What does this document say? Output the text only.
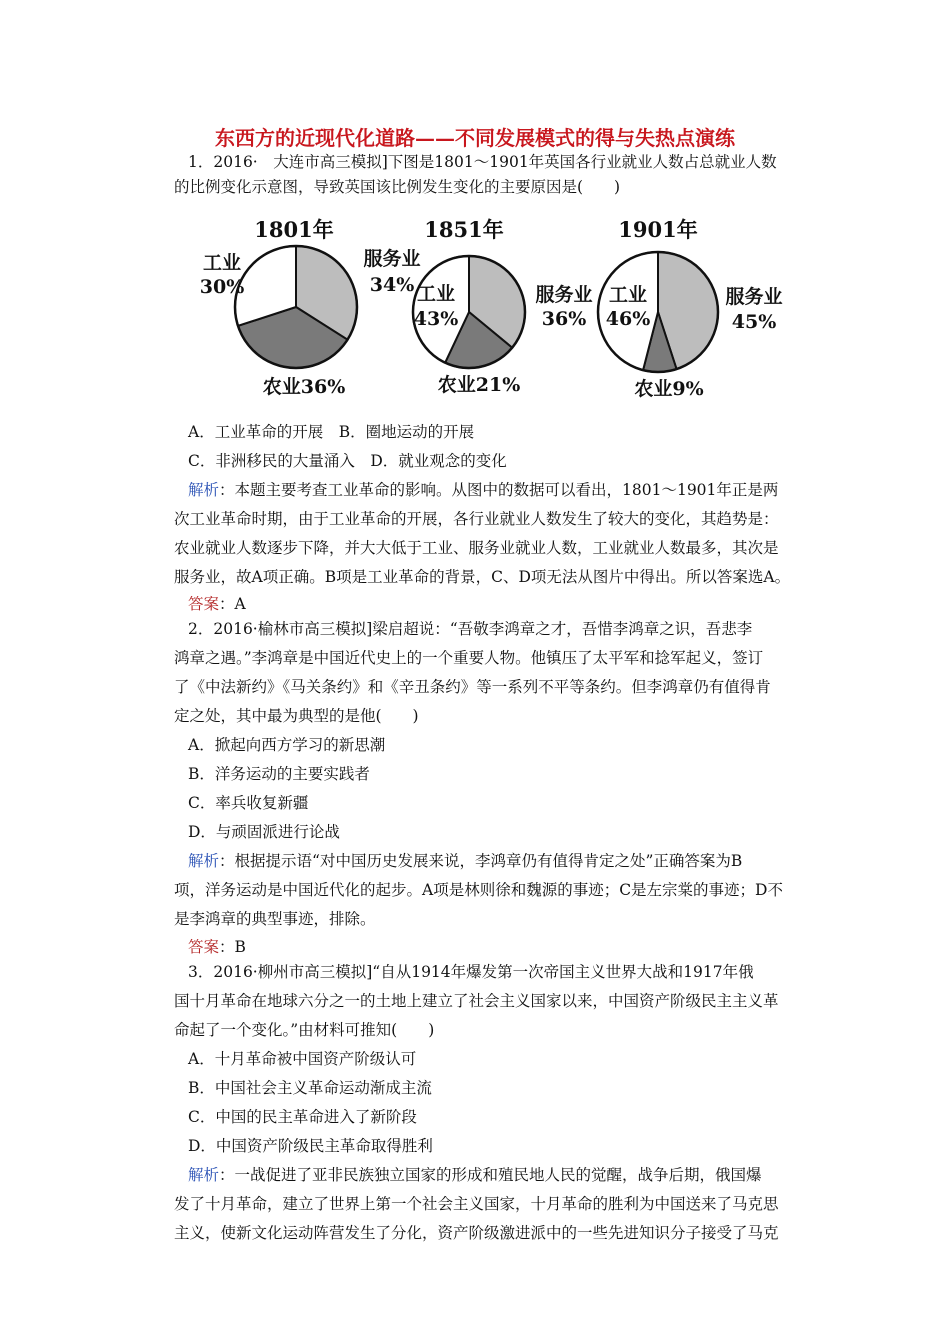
东西方的近现代化道路——不同发展模式的得与失热点演练
1．2016·　大连市高三模拟]下图是1801～1901年英国各行业就业人数占总就业人数
的比例变化示意图，导致英国该比例发生变化的主要原因是(　　)
1801年
服务业
34%
农业36%
工业
30%
1851年
服务业
36%
农业21%
工业
43%
1901年
服务业
45%
农业9%
工业
46%
A．工业革命的开展　B．圈地运动的开展
C．非洲移民的大量涌入　D．就业观念的变化
解析：本题主要考查工业革命的影响。从图中的数据可以看出，1801～1901年正是两
次工业革命时期，由于工业革命的开展，各行业就业人数发生了较大的变化，其趋势是：
农业就业人数逐步下降，并大大低于工业、服务业就业人数，工业就业人数最多，其次是
服务业，故A项正确。B项是工业革命的背景，C、D项无法从图片中得出。所以答案选A。
答案：A
2．2016·榆林市高三模拟]梁启超说：“吾敬李鸿章之才，吾惜李鸿章之识，吾悲李
鸿章之遇。”李鸿章是中国近代史上的一个重要人物。他镇压了太平军和捻军起义，签订
了《中法新约》《马关条约》和《辛丑条约》等一系列不平等条约。但李鸿章仍有值得肯
定之处，其中最为典型的是他(　　)
A．掀起向西方学习的新思潮
B．洋务运动的主要实践者
C．率兵收复新疆
D．与顽固派进行论战
解析：根据提示语“对中国历史发展来说，李鸿章仍有值得肯定之处”正确答案为B
项，洋务运动是中国近代化的起步。A项是林则徐和魏源的事迹；C是左宗棠的事迹；D不
是李鸿章的典型事迹，排除。
答案：B
3．2016·柳州市高三模拟]“自从1914年爆发第一次帝国主义世界大战和1917年俄
国十月革命在地球六分之一的土地上建立了社会主义国家以来，中国资产阶级民主主义革
命起了一个变化。”由材料可推知(　　)
A．十月革命被中国资产阶级认可
B．中国社会主义革命运动渐成主流
C．中国的民主革命进入了新阶段
D．中国资产阶级民主革命取得胜利
解析：一战促进了亚非民族独立国家的形成和殖民地人民的觉醒，战争后期，俄国爆
发了十月革命，建立了世界上第一个社会主义国家，十月革命的胜利为中国送来了马克思
主义，使新文化运动阵营发生了分化，资产阶级激进派中的一些先进知识分子接受了马克
